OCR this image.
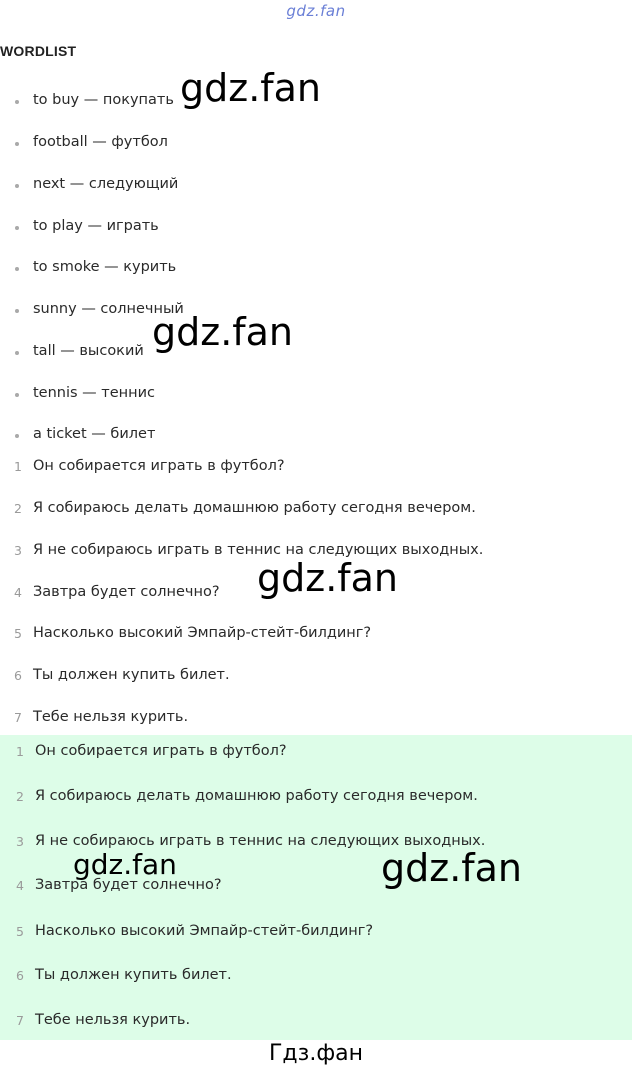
gdz.fan
WORDLIST
to buy — покупать
football — футбол
next — следующий
to play — играть
to smoke — курить
sunny — солнечный
tall — высокий
tennis — теннис
a ticket — билет
1 Он собирается играть в футбол?
2 Я собираюсь делать домашнюю работу сегодня вечером.
3 Я не собираюсь играть в теннис на следующих выходных.
4 Завтра будет солнечно?
5 Насколько высокий Эмпайр-стейт-билдинг?
6 Ты должен купить билет.
7 Тебе нельзя курить.
1 Он собирается играть в футбол?
2 Я собираюсь делать домашнюю работу сегодня вечером.
3 Я не собираюсь играть в теннис на следующих выходных.
4 Завтра будет солнечно?
5 Насколько высокий Эмпайр-стейт-билдинг?
6 Ты должен купить билет.
7 Тебе нельзя курить.
gdz.fan
gdz.fan
gdz.fan
gdz.fan	gdz.fan
Гдз.фан
